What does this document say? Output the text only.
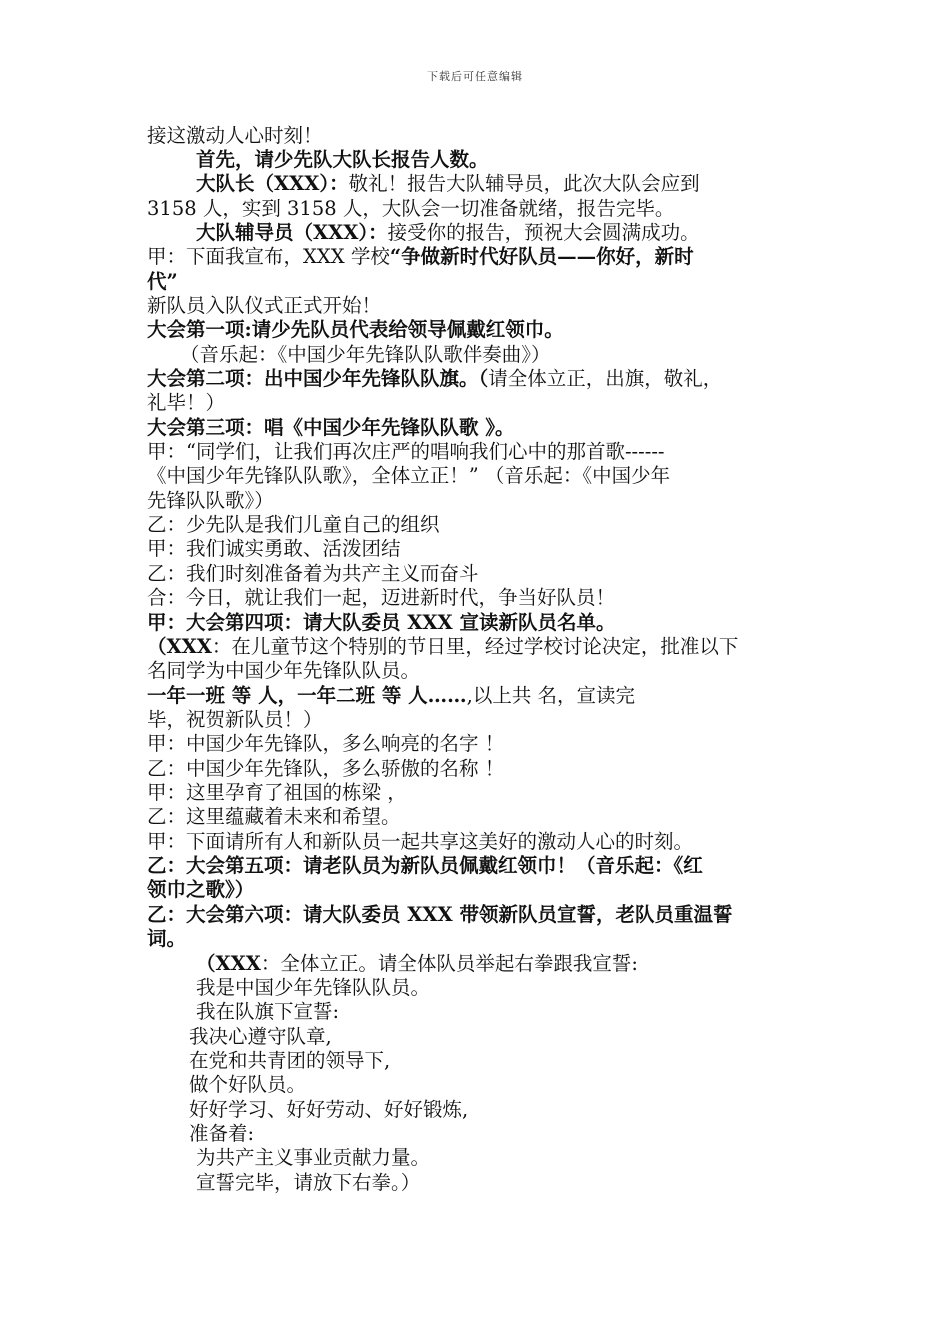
下载后可任意编辑
接这激动人心时刻！
首先，请少先队大队长报告人数。
大队长（XXX）：敬礼！报告大队辅导员，此次大队会应到
3158 人，实到 3158 人，大队会一切准备就绪，报告完毕。
大队辅导员（XXX）：接受你的报告，预祝大会圆满成功。
甲：下面我宣布，XXX 学校“争做新时代好队员——你好，新时
代”
新队员入队仪式正式开始！
大会第一项:请少先队员代表给领导佩戴红领巾。
（音乐起：《中国少年先锋队队歌伴奏曲》）
大会第二项：出中国少年先锋队队旗。（请全体立正，出旗，敬礼，
礼毕！）
大会第三项：唱《中国少年先锋队队歌 》。
甲：“同学们，让我们再次庄严的唱响我们心中的那首歌------
《中国少年先锋队队歌》，全体立正！” （音乐起：《中国少年
先锋队队歌》）
乙：少先队是我们儿童自己的组织
甲：我们诚实勇敢、活泼团结
乙：我们时刻准备着为共产主义而奋斗
合：今日，就让我们一起，迈进新时代，争当好队员！
甲：大会第四项：请大队委员 XXX 宣读新队员名单。
（XXX：在儿童节这个特别的节日里，经过学校讨论决定，批准以下
名同学为中国少年先锋队队员。
一年一班 等 人，一年二班 等 人……,以上共 名，宣读完
毕，祝贺新队员！）
甲：中国少年先锋队，多么响亮的名字 ！
乙：中国少年先锋队，多么骄傲的名称 ！
甲：这里孕育了祖国的栋梁 ，
乙：这里蕴藏着未来和希望。
甲：下面请所有人和新队员一起共享这美好的激动人心的时刻。
乙：大会第五项：请老队员为新队员佩戴红领巾！（音乐起：《红
领巾之歌》）
乙：大会第六项：请大队委员 XXX 带领新队员宣誓，老队员重温誓
词。
（XXX：全体立正。请全体队员举起右拳跟我宣誓:
我是中国少年先锋队队员。
我在队旗下宣誓:
我决心遵守队章,
在党和共青团的领导下,
做个好队员。
好好学习、好好劳动、好好锻炼,
准备着:
为共产主义事业贡献力量。
宣誓完毕，请放下右拳。）
